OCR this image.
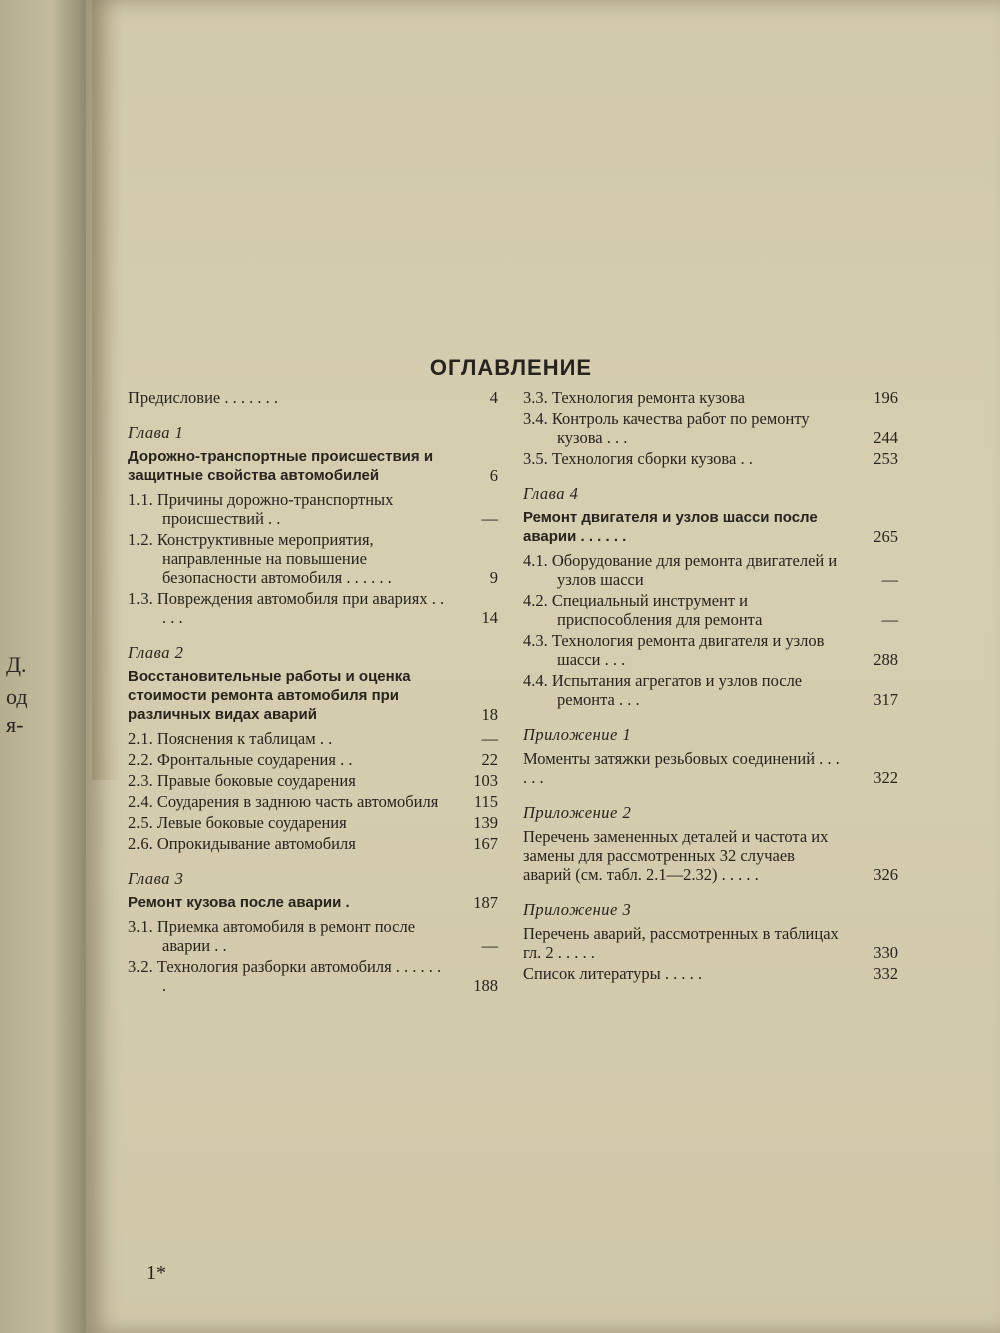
Д.
од
я-
ОГЛАВЛЕНИЕ
Предисловие . . . . . . .	4
Глава 1
Дорожно-транспортные происшествия и защитные свойства автомобилей	6
1.1. Причины дорожно-транспортных происшествий . .	—
1.2. Конструктивные мероприятия, направленные на повышение безопасности автомобиля . . . . . .	9
1.3. Повреждения автомобиля при авариях . . . . .	14
Глава 2
Восстановительные работы и оценка стоимости ремонта автомобиля при различных видах аварий	18
2.1. Пояснения к таблицам . .	—
2.2. Фронтальные соударения . .	22
2.3. Правые боковые соударения	103
2.4. Соударения в заднюю часть автомобиля	115
2.5. Левые боковые соударения	139
2.6. Опрокидывание автомобиля	167
Глава 3
Ремонт кузова после аварии .	187
3.1. Приемка автомобиля в ремонт после аварии . .	—
3.2. Технология разборки автомобиля . . . . . . .	188
3.3. Технология ремонта кузова	196
3.4. Контроль качества работ по ремонту кузова . . .	244
3.5. Технология сборки кузова . .	253
Глава 4
Ремонт двигателя и узлов шасси после аварии . . . . . .	265
4.1. Оборудование для ремонта двигателей и узлов шасси	—
4.2. Специальный инструмент и приспособления для ремонта	—
4.3. Технология ремонта двигателя и узлов шасси . . .	288
4.4. Испытания агрегатов и узлов после ремонта . . .	317
Приложение 1
Моменты затяжки резьбовых соединений . . . . . .	322
Приложение 2
Перечень замененных деталей и частота их замены для рассмотренных 32 случаев аварий (см. табл. 2.1—2.32) . . . . .	326
Приложение 3
Перечень аварий, рассмотренных в таблицах гл. 2 . . . . .	330
Список литературы . . . . .	332
1*
